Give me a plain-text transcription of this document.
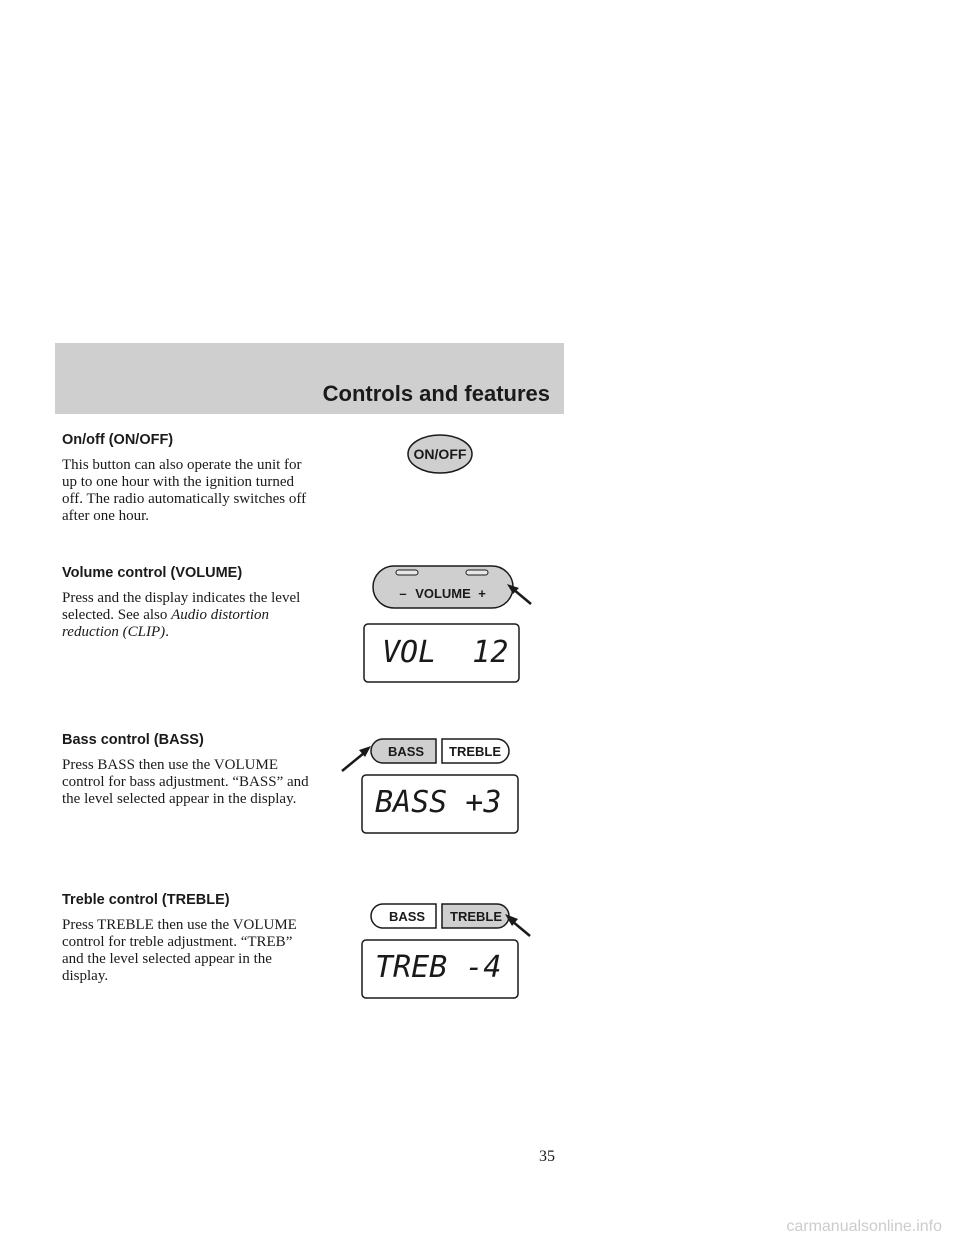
Controls and features
On/off (ON/OFF)

This button can also operate the unit for up to one hour with the ignition turned off. The radio automatically switches off after one hour.

ON/OFF
Volume control (VOLUME)

Press and the display indicates the level selected. See also Audio distortion reduction (CLIP).

– VOLUME +
VOL  12
Bass control (BASS)

Press BASS then use the VOLUME control for bass adjustment. “BASS” and the level selected appear in the display.

BASS TREBLE
BASS +3
Treble control (TREBLE)

Press TREBLE then use the VOLUME control for treble adjustment. “TREB” and the level selected appear in the display.

BASS TREBLE
TREB -4
35
carmanualsonline.info
